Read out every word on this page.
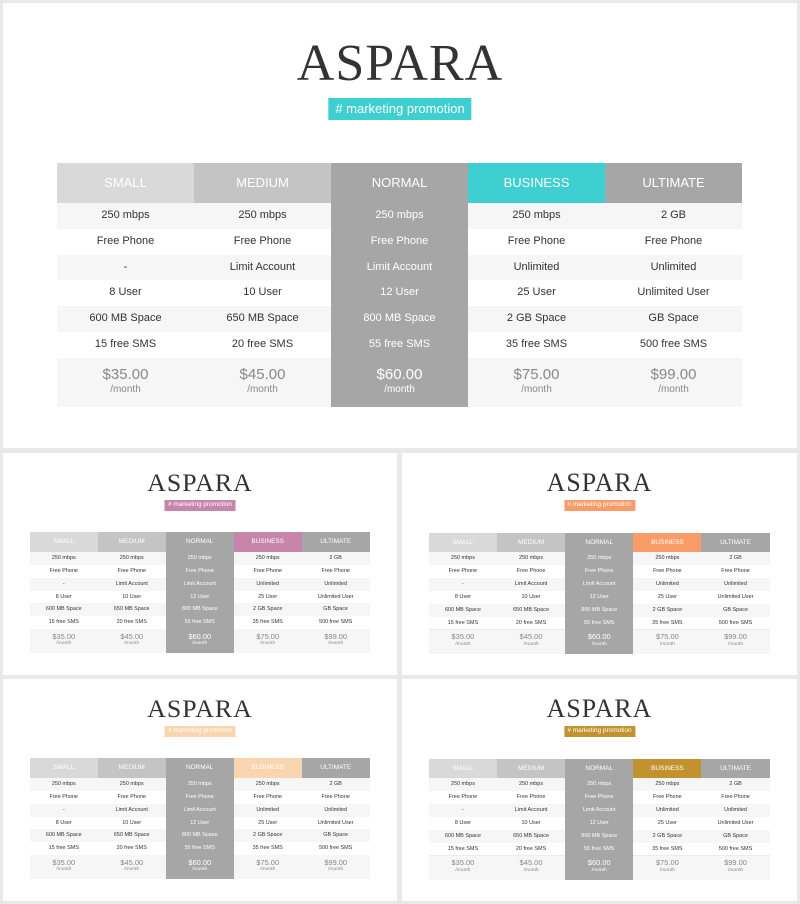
ASPARA
# marketing promotion
SMALL
250 mbps
Free Phone
-
8 User
600 MB Space
15 free SMS
$35.00
/month
MEDIUM
250 mbps
Free Phone
Limit Account
10 User
650 MB Space
20 free SMS
$45.00
/month
NORMAL
250 mbps
Free Phone
Limit Account
12 User
800 MB Space
55 free SMS
$60.00
/month
BUSINESS
250 mbps
Free Phone
Unlimited
25 User
2 GB Space
35 free SMS
$75.00
/month
ULTIMATE
2 GB
Free Phone
Unlimited
Unlimited User
GB Space
500 free SMS
$99.00
/month
ASPARA
# marketing promotion
SMALL
250 mbps
Free Phone
-
8 User
600 MB Space
15 free SMS
$35.00
/month
MEDIUM
250 mbps
Free Phone
Limit Account
10 User
650 MB Space
20 free SMS
$45.00
/month
NORMAL
250 mbps
Free Phone
Limit Account
12 User
800 MB Space
55 free SMS
$60.00
/month
BUSINESS
250 mbps
Free Phone
Unlimited
25 User
2 GB Space
35 free SMS
$75.00
/month
ULTIMATE
2 GB
Free Phone
Unlimited
Unlimited User
GB Space
500 free SMS
$99.00
/month
ASPARA
# marketing promotion
SMALL
250 mbps
Free Phone
-
8 User
600 MB Space
15 free SMS
$35.00
/month
MEDIUM
250 mbps
Free Phone
Limit Account
10 User
650 MB Space
20 free SMS
$45.00
/month
NORMAL
250 mbps
Free Phone
Limit Account
12 User
800 MB Space
55 free SMS
$60.00
/month
BUSINESS
250 mbps
Free Phone
Unlimited
25 User
2 GB Space
35 free SMS
$75.00
/month
ULTIMATE
2 GB
Free Phone
Unlimited
Unlimited User
GB Space
500 free SMS
$99.00
/month
ASPARA
# marketing promotion
SMALL
250 mbps
Free Phone
-
8 User
600 MB Space
15 free SMS
$35.00
/month
MEDIUM
250 mbps
Free Phone
Limit Account
10 User
650 MB Space
20 free SMS
$45.00
/month
NORMAL
250 mbps
Free Phone
Limit Account
12 User
800 MB Space
55 free SMS
$60.00
/month
BUSINESS
250 mbps
Free Phone
Unlimited
25 User
2 GB Space
35 free SMS
$75.00
/month
ULTIMATE
2 GB
Free Phone
Unlimited
Unlimited User
GB Space
500 free SMS
$99.00
/month
ASPARA
# marketing promotion
SMALL
250 mbps
Free Phone
-
8 User
600 MB Space
15 free SMS
$35.00
/month
MEDIUM
250 mbps
Free Phone
Limit Account
10 User
650 MB Space
20 free SMS
$45.00
/month
NORMAL
250 mbps
Free Phone
Limit Account
12 User
800 MB Space
55 free SMS
$60.00
/month
BUSINESS
250 mbps
Free Phone
Unlimited
25 User
2 GB Space
35 free SMS
$75.00
/month
ULTIMATE
2 GB
Free Phone
Unlimited
Unlimited User
GB Space
500 free SMS
$99.00
/month
